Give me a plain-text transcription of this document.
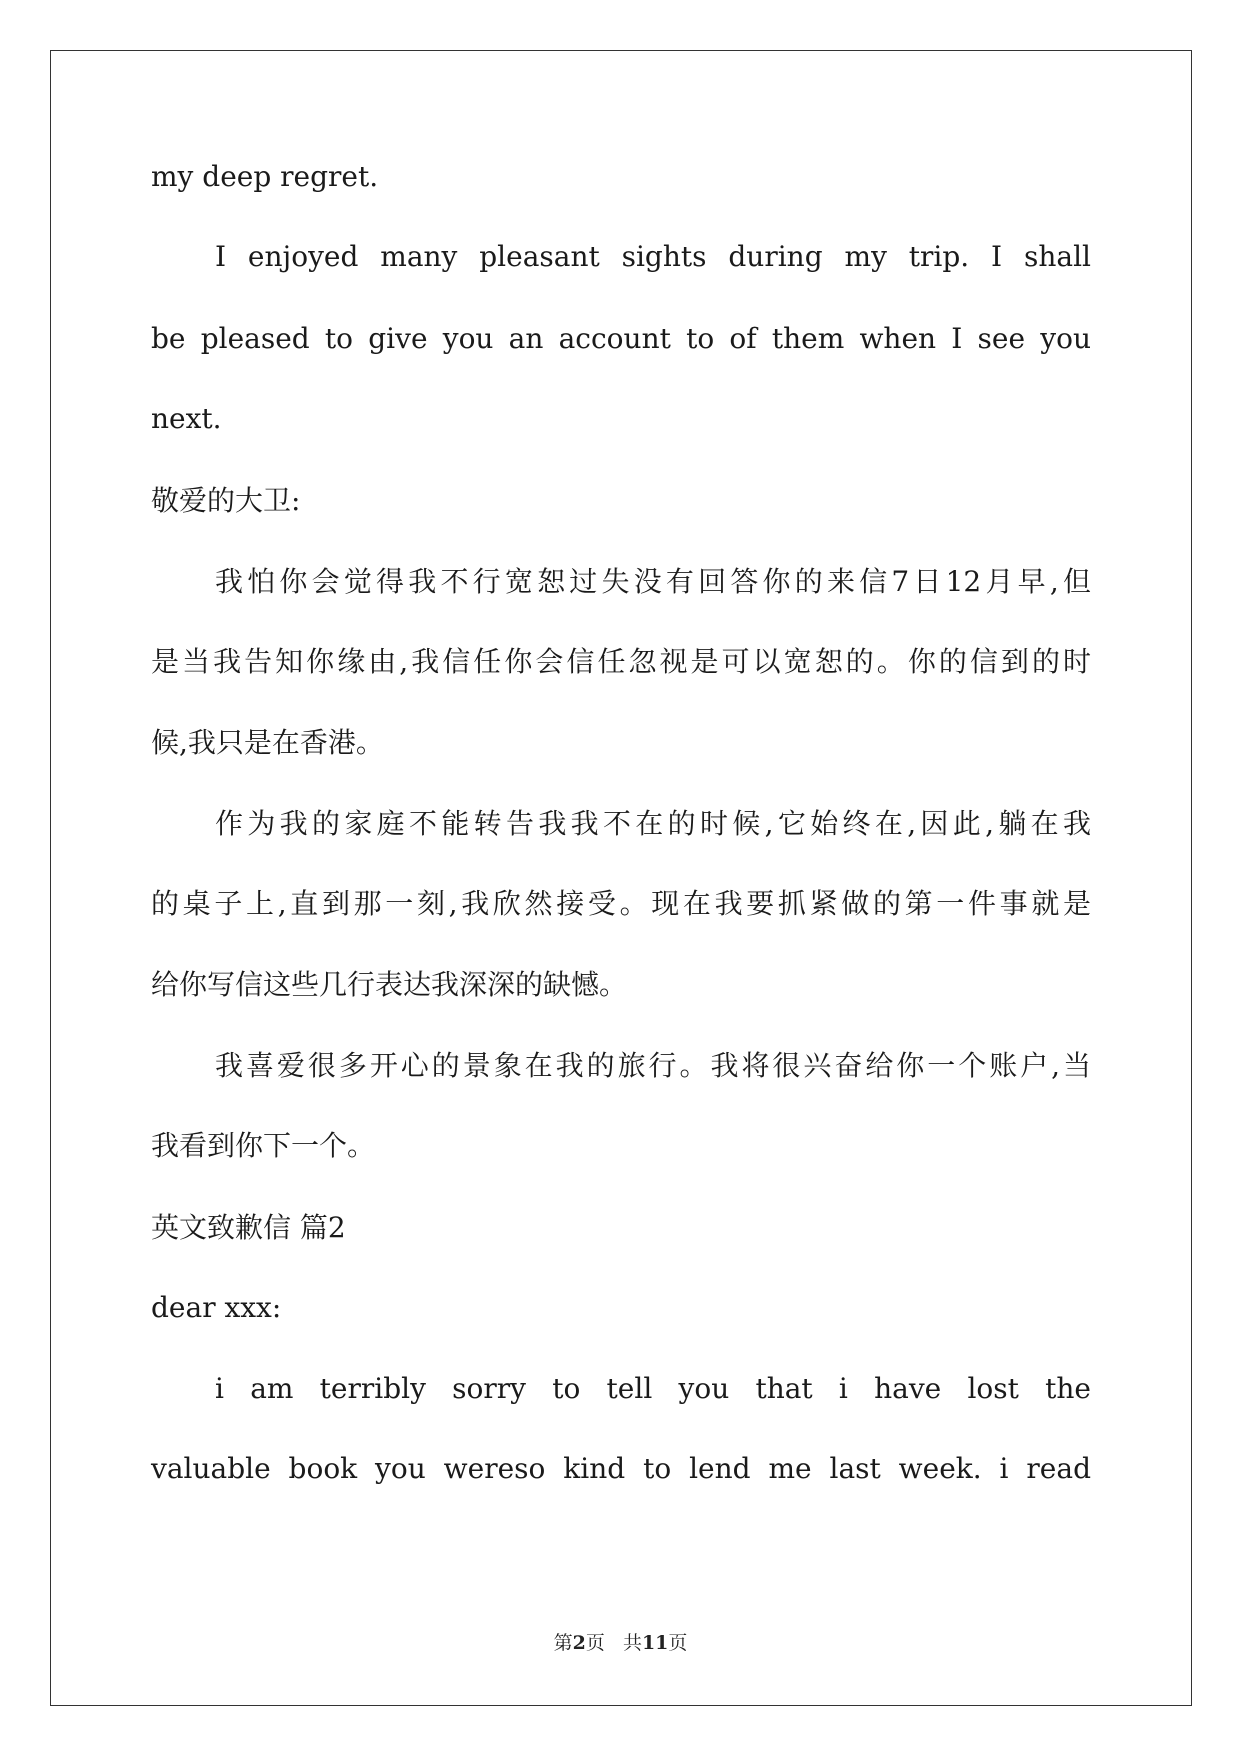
my deep regret.
I enjoyed many pleasant sights during my trip. I shall
be pleased to give you an account to of them when I see you
next.
敬爱的大卫:
我怕你会觉得我不行宽恕过失没有回答你的来信7日12月早,但
是当我告知你缘由,我信任你会信任忽视是可以宽恕的。你的信到的时
候,我只是在香港。
作为我的家庭不能转告我我不在的时候,它始终在,因此,躺在我
的桌子上,直到那一刻,我欣然接受。现在我要抓紧做的第一件事就是
给你写信这些几行表达我深深的缺憾。
我喜爱很多开心的景象在我的旅行。我将很兴奋给你一个账户,当
我看到你下一个。
英文致歉信 篇2
dear xxx:
i am terribly sorry to tell you that i have lost the
valuable book you wereso kind to lend me last week. i read
第2页   共11页
